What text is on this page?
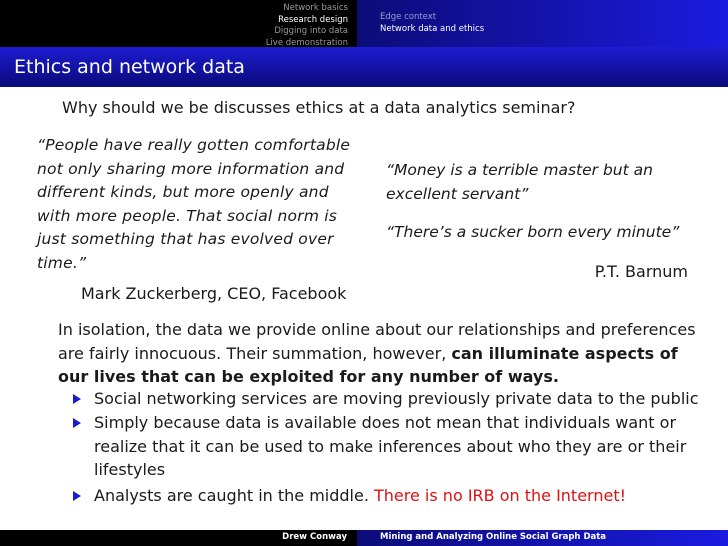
Network basics
Research design
Digging into data
Live demonstration
Edge context
Network data and ethics
Ethics and network data
Why should we be discusses ethics at a data analytics seminar?
“People have really gotten comfortable not only sharing more information and different kinds, but more openly and with more people. That social norm is just something that has evolved over time.”
Mark Zuckerberg, CEO, Facebook
“Money is a terrible master but an excellent servant”
“There’s a sucker born every minute”
P.T. Barnum
In isolation, the data we provide online about our relationships and preferences are fairly innocuous. Their summation, however, can illuminate aspects of our lives that can be exploited for any number of ways.
Social networking services are moving previously private data to the public
Simply because data is available does not mean that individuals want or realize that it can be used to make inferences about who they are or their lifestyles
Analysts are caught in the middle. There is no IRB on the Internet!
Drew Conway	Mining and Analyzing Online Social Graph Data
